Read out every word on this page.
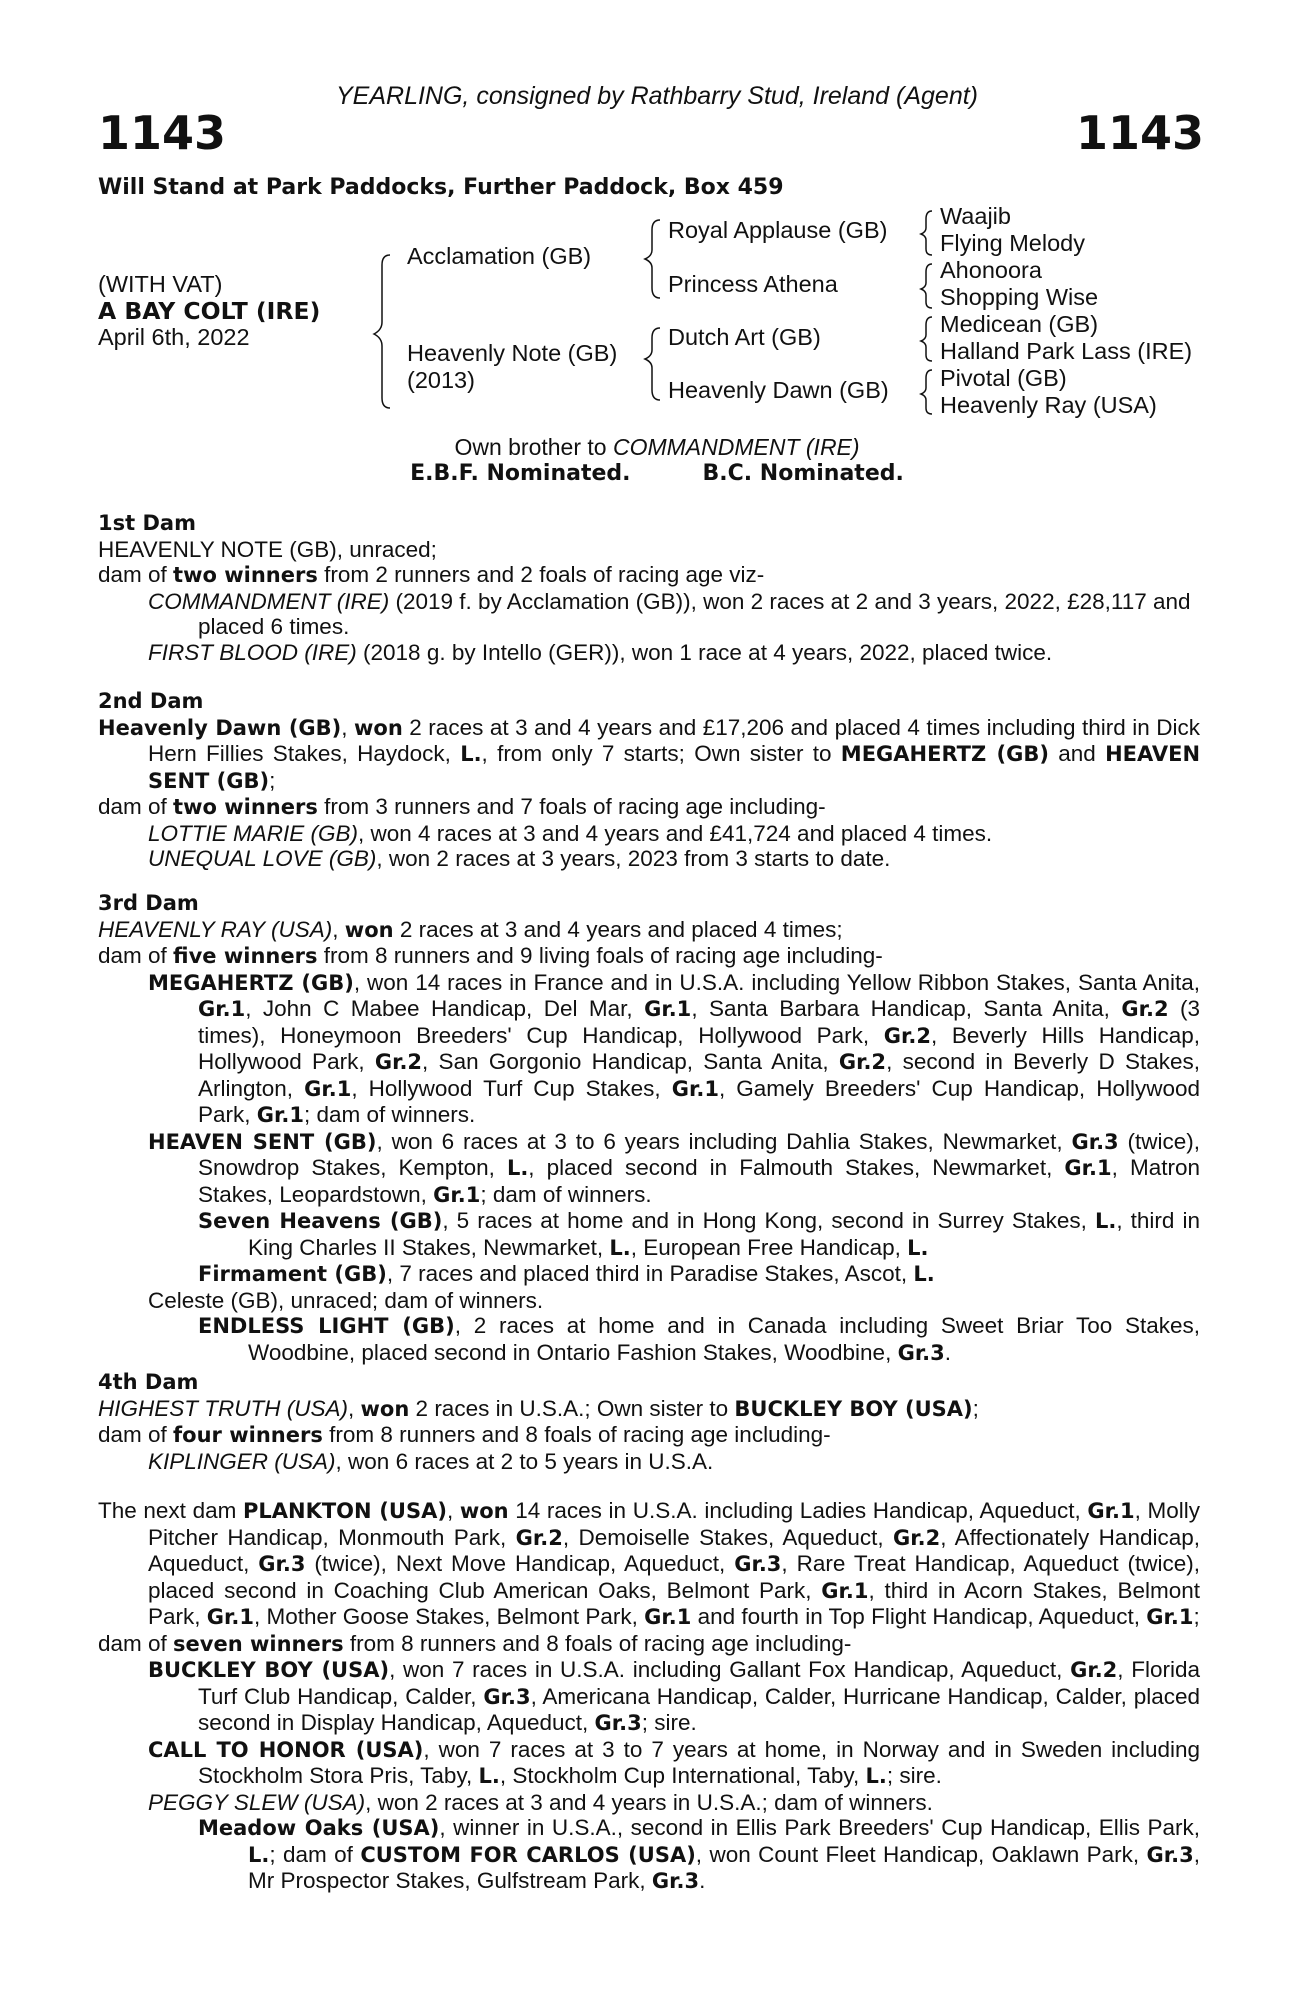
YEARLING, consigned by Rathbarry Stud, Ireland (Agent)
1143	1143
Will Stand at Park Paddocks, Further Paddock, Box 459
(WITH VAT)
A BAY COLT (IRE)
April 6th, 2022
Acclamation (GB)
Heavenly Note (GB)
(2013)
Royal Applause (GB)
Princess Athena
Dutch Art (GB)
Heavenly Dawn (GB)
Waajib
Flying Melody
Ahonoora
Shopping Wise
Medicean (GB)
Halland Park Lass (IRE)
Pivotal (GB)
Heavenly Ray (USA)
Own brother to COMMANDMENT (IRE)
E.B.F. Nominated.	B.C. Nominated.
1st Dam
HEAVENLY NOTE (GB), unraced;
dam of two winners from 2 runners and 2 foals of racing age viz-
COMMANDMENT (IRE) (2019 f. by Acclamation (GB)), won 2 races at 2 and 3 years, 2022, £28,117 and placed 6 times.
FIRST BLOOD (IRE) (2018 g. by Intello (GER)), won 1 race at 4 years, 2022, placed twice.
2nd Dam
Heavenly Dawn (GB), won 2 races at 3 and 4 years and £17,206 and placed 4 times including third in Dick Hern Fillies Stakes, Haydock, L., from only 7 starts; Own sister to MEGAHERTZ (GB) and HEAVEN SENT (GB);
dam of two winners from 3 runners and 7 foals of racing age including-
LOTTIE MARIE (GB), won 4 races at 3 and 4 years and £41,724 and placed 4 times.
UNEQUAL LOVE (GB), won 2 races at 3 years, 2023 from 3 starts to date.
3rd Dam
HEAVENLY RAY (USA), won 2 races at 3 and 4 years and placed 4 times;
dam of five winners from 8 runners and 9 living foals of racing age including-
MEGAHERTZ (GB), won 14 races in France and in U.S.A. including Yellow Ribbon Stakes, Santa Anita, Gr.1, John C Mabee Handicap, Del Mar, Gr.1, Santa Barbara Handicap, Santa Anita, Gr.2 (3 times), Honeymoon Breeders' Cup Handicap, Hollywood Park, Gr.2, Beverly Hills Handicap, Hollywood Park, Gr.2, San Gorgonio Handicap, Santa Anita, Gr.2, second in Beverly D Stakes, Arlington, Gr.1, Hollywood Turf Cup Stakes, Gr.1, Gamely Breeders' Cup Handicap, Hollywood Park, Gr.1; dam of winners.
HEAVEN SENT (GB), won 6 races at 3 to 6 years including Dahlia Stakes, Newmarket, Gr.3 (twice), Snowdrop Stakes, Kempton, L., placed second in Falmouth Stakes, Newmarket, Gr.1, Matron Stakes, Leopardstown, Gr.1; dam of winners.
Seven Heavens (GB), 5 races at home and in Hong Kong, second in Surrey Stakes, L., third in King Charles II Stakes, Newmarket, L., European Free Handicap, L.
Firmament (GB), 7 races and placed third in Paradise Stakes, Ascot, L.
Celeste (GB), unraced; dam of winners.
ENDLESS LIGHT (GB), 2 races at home and in Canada including Sweet Briar Too Stakes, Woodbine, placed second in Ontario Fashion Stakes, Woodbine, Gr.3.
4th Dam
HIGHEST TRUTH (USA), won 2 races in U.S.A.; Own sister to BUCKLEY BOY (USA);
dam of four winners from 8 runners and 8 foals of racing age including-
KIPLINGER (USA), won 6 races at 2 to 5 years in U.S.A.
The next dam PLANKTON (USA), won 14 races in U.S.A. including Ladies Handicap, Aqueduct, Gr.1, Molly Pitcher Handicap, Monmouth Park, Gr.2, Demoiselle Stakes, Aqueduct, Gr.2, Affectionately Handicap, Aqueduct, Gr.3 (twice), Next Move Handicap, Aqueduct, Gr.3, Rare Treat Handicap, Aqueduct (twice), placed second in Coaching Club American Oaks, Belmont Park, Gr.1, third in Acorn Stakes, Belmont Park, Gr.1, Mother Goose Stakes, Belmont Park, Gr.1 and fourth in Top Flight Handicap, Aqueduct, Gr.1;
dam of seven winners from 8 runners and 8 foals of racing age including-
BUCKLEY BOY (USA), won 7 races in U.S.A. including Gallant Fox Handicap, Aqueduct, Gr.2, Florida Turf Club Handicap, Calder, Gr.3, Americana Handicap, Calder, Hurricane Handicap, Calder, placed second in Display Handicap, Aqueduct, Gr.3; sire.
CALL TO HONOR (USA), won 7 races at 3 to 7 years at home, in Norway and in Sweden including Stockholm Stora Pris, Taby, L., Stockholm Cup International, Taby, L.; sire.
PEGGY SLEW (USA), won 2 races at 3 and 4 years in U.S.A.; dam of winners.
Meadow Oaks (USA), winner in U.S.A., second in Ellis Park Breeders' Cup Handicap, Ellis Park, L.; dam of CUSTOM FOR CARLOS (USA), won Count Fleet Handicap, Oaklawn Park, Gr.3, Mr Prospector Stakes, Gulfstream Park, Gr.3.
